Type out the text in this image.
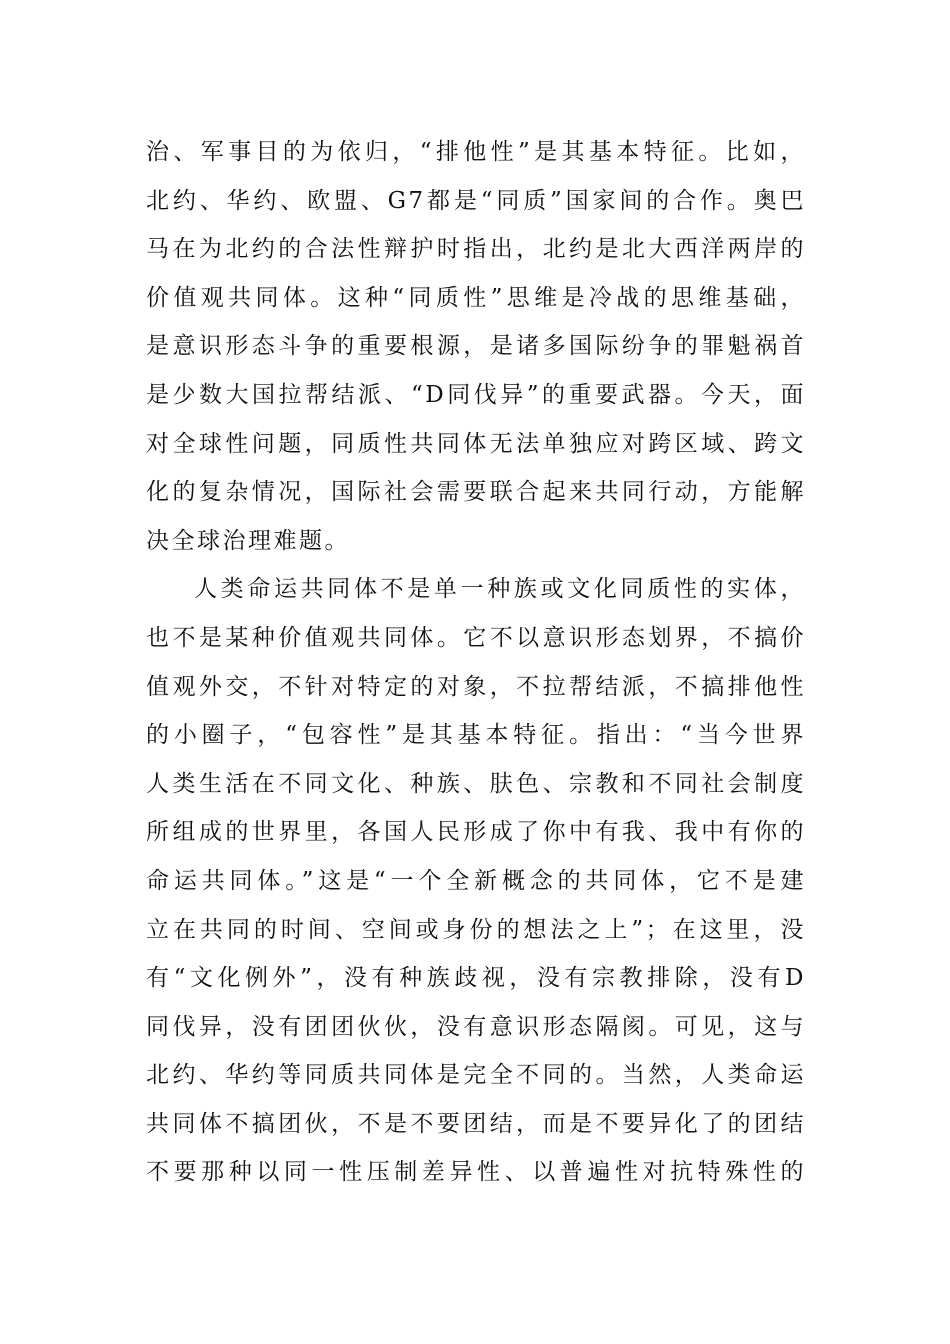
治、军事目的为依归，“排他性”是其基本特征。比如，
北约、华约、欧盟、G7都是“同质”国家间的合作。奥巴
马在为北约的合法性辩护时指出，北约是北大西洋两岸的
价值观共同体。这种“同质性”思维是冷战的思维基础，
是意识形态斗争的重要根源，是诸多国际纷争的罪魁祸首
是少数大国拉帮结派、“D同伐异”的重要武器。今天，面
对全球性问题，同质性共同体无法单独应对跨区域、跨文
化的复杂情况，国际社会需要联合起来共同行动，方能解
决全球治理难题。
人类命运共同体不是单一种族或文化同质性的实体，
也不是某种价值观共同体。它不以意识形态划界，不搞价
值观外交，不针对特定的对象，不拉帮结派，不搞排他性
的小圈子，“包容性”是其基本特征。指出：“当今世界
人类生活在不同文化、种族、肤色、宗教和不同社会制度
所组成的世界里，各国人民形成了你中有我、我中有你的
命运共同体。”这是“一个全新概念的共同体，它不是建
立在共同的时间、空间或身份的想法之上”；在这里，没
有“文化例外”，没有种族歧视，没有宗教排除，没有D
同伐异，没有团团伙伙，没有意识形态隔阂。可见，这与
北约、华约等同质共同体是完全不同的。当然，人类命运
共同体不搞团伙，不是不要团结，而是不要异化了的团结
不要那种以同一性压制差异性、以普遍性对抗特殊性的
